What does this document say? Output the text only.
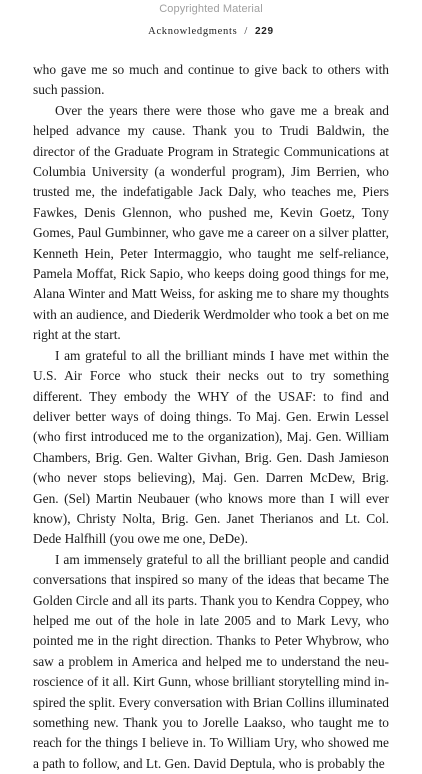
Copyrighted Material
Acknowledgments / 229

who gave me so much and continue to give back to others with such passion.

Over the years there were those who gave me a break and helped advance my cause. Thank you to Trudi Baldwin, the director of the Graduate Program in Strategic Communications at Columbia University (a wonderful program), Jim Berrien, who trusted me, the indefatigable Jack Daly, who teaches me, Piers Fawkes, Denis Glennon, who pushed me, Kevin Goetz, Tony Gomes, Paul Gumbinner, who gave me a career on a silver platter, Kenneth Hein, Peter Intermaggio, who taught me self-reliance, Pamela Moffat, Rick Sapio, who keeps doing good things for me, Alana Winter and Matt Weiss, for asking me to share my thoughts with an audience, and Diederik Werdmolder who took a bet on me right at the start.

I am grateful to all the brilliant minds I have met within the U.S. Air Force who stuck their necks out to try something different. They embody the WHY of the USAF: to find and deliver better ways of doing things. To Maj. Gen. Erwin Lessel (who first introduced me to the organization), Maj. Gen. William Chambers, Brig. Gen. Walter Givhan, Brig. Gen. Dash Jamieson (who never stops believing), Maj. Gen. Darren McDew, Brig. Gen. (Sel) Martin Neubauer (who knows more than I will ever know), Christy Nolta, Brig. Gen. Janet Therianos and Lt. Col. Dede Halfhill (you owe me one, DeDe).

I am immensely grateful to all the brilliant people and candid conversations that inspired so many of the ideas that became The Golden Circle and all its parts. Thank you to Kendra Coppey, who helped me out of the hole in late 2005 and to Mark Levy, who pointed me in the right direction. Thanks to Peter Whybrow, who saw a problem in America and helped me to understand the neuroscience of it all. Kirt Gunn, whose brilliant storytelling mind inspired the split. Every conversation with Brian Collins illuminated something new. Thank you to Jorelle Laakso, who taught me to reach for the things I believe in. To William Ury, who showed me a path to follow, and Lt. Gen. David Deptula, who is probably the
